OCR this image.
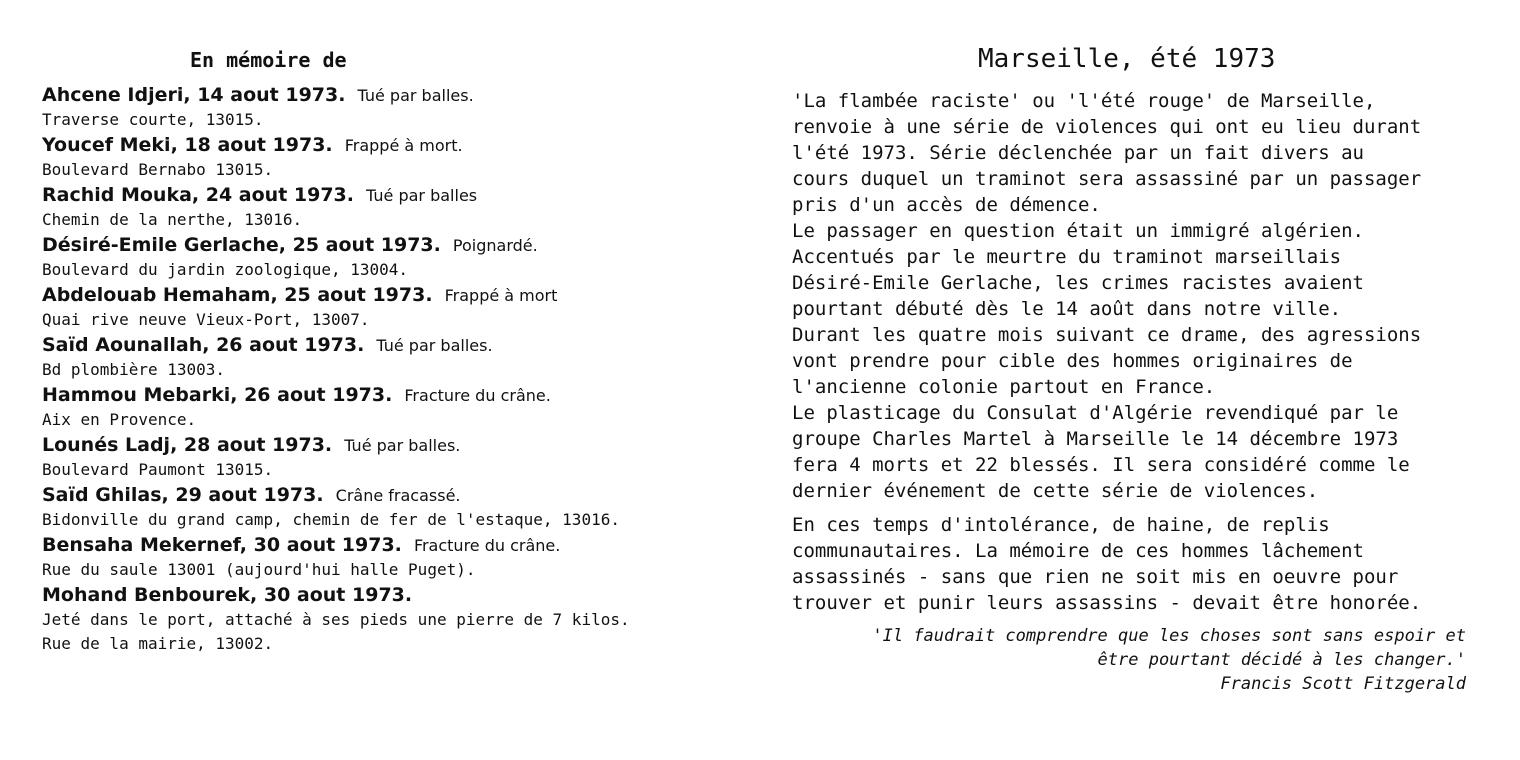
En mémoire de
Ahcene Idjeri, 14 aout 1973. Tué par balles.
Traverse courte, 13015.
Youcef Meki, 18 aout 1973. Frappé à mort.
Boulevard Bernabo 13015.
Rachid Mouka, 24 aout 1973. Tué par balles
Chemin de la nerthe, 13016.
Désiré-Emile Gerlache, 25 aout 1973. Poignardé.
Boulevard du jardin zoologique, 13004.
Abdelouab Hemaham, 25 aout 1973. Frappé à mort
Quai rive neuve Vieux-Port, 13007.
Saïd Aounallah, 26 aout 1973. Tué par balles.
Bd plombière 13003.
Hammou Mebarki, 26 aout 1973. Fracture du crâne.
Aix en Provence.
Lounés Ladj, 28 aout 1973. Tué par balles.
Boulevard Paumont 13015.
Saïd Ghilas, 29 aout 1973. Crâne fracassé.
Bidonville du grand camp, chemin de fer de l'estaque, 13016.
Bensaha Mekernef, 30 aout 1973. Fracture du crâne.
Rue du saule 13001 (aujourd'hui halle Puget).
Mohand Benbourek, 30 aout 1973.
Jeté dans le port, attaché à ses pieds une pierre de 7 kilos.
Rue de la mairie, 13002.
Marseille, été 1973
'La flambée raciste' ou 'l'été rouge' de Marseille,
renvoie à une série de violences qui ont eu lieu durant
l'été 1973. Série déclenchée par un fait divers au
cours duquel un traminot sera assassiné par un passager
pris d'un accès de démence.
Le passager en question était un immigré algérien.
Accentués par le meurtre du traminot marseillais
Désiré-Emile Gerlache, les crimes racistes avaient
pourtant débuté dès le 14 août dans notre ville.
Durant les quatre mois suivant ce drame, des agressions
vont prendre pour cible des hommes originaires de
l'ancienne colonie partout en France.
Le plasticage du Consulat d'Algérie revendiqué par le
groupe Charles Martel à Marseille le 14 décembre 1973
fera 4 morts et 22 blessés. Il sera considéré comme le
dernier événement de cette série de violences.
En ces temps d'intolérance, de haine, de replis
communautaires. La mémoire de ces hommes lâchement
assassinés - sans que rien ne soit mis en oeuvre pour
trouver et punir leurs assassins - devait être honorée.
'Il faudrait comprendre que les choses sont sans espoir et
être pourtant décidé à les changer.'
Francis Scott Fitzgerald
